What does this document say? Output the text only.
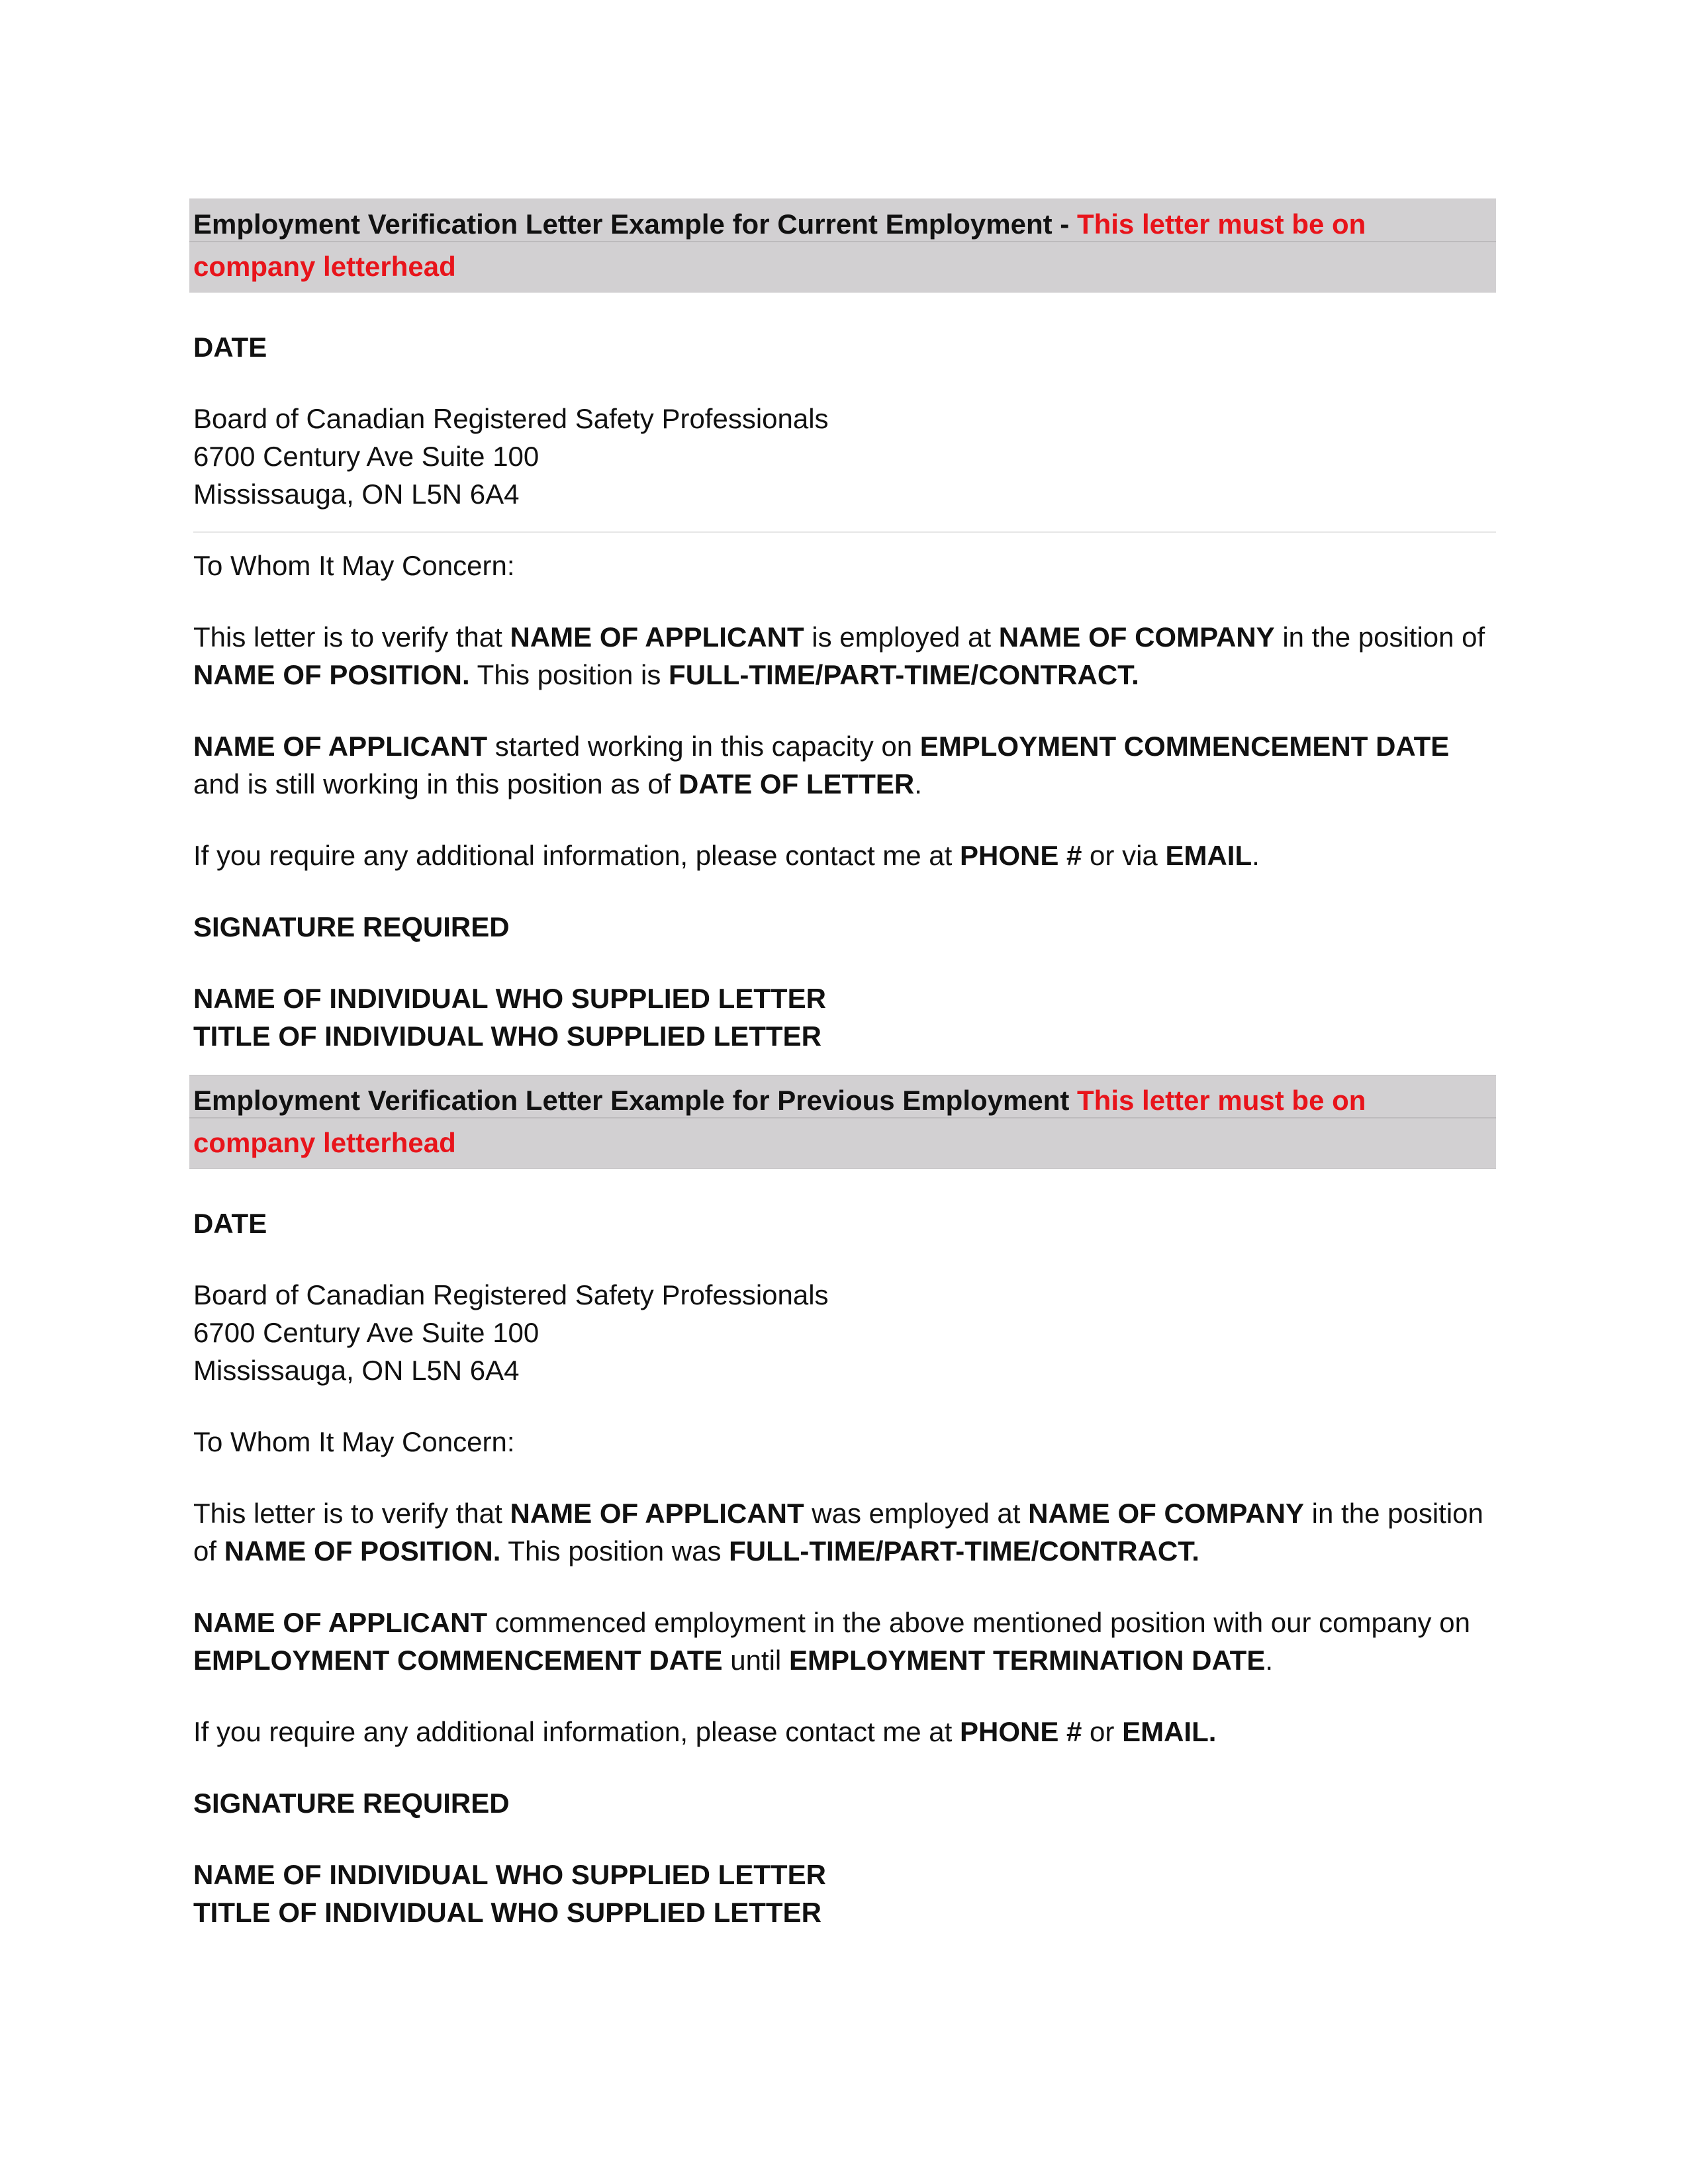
Employment Verification Letter Example for Current Employment - This letter must be on company letterhead

DATE

Board of Canadian Registered Safety Professionals
6700 Century Ave Suite 100
Mississauga, ON L5N 6A4

To Whom It May Concern:

This letter is to verify that NAME OF APPLICANT is employed at NAME OF COMPANY in the position of NAME OF POSITION. This position is FULL-TIME/PART-TIME/CONTRACT.

NAME OF APPLICANT started working in this capacity on EMPLOYMENT COMMENCEMENT DATE and is still working in this position as of DATE OF LETTER.

If you require any additional information, please contact me at PHONE # or via EMAIL.

SIGNATURE REQUIRED

NAME OF INDIVIDUAL WHO SUPPLIED LETTER
TITLE OF INDIVIDUAL WHO SUPPLIED LETTER

Employment Verification Letter Example for Previous Employment This letter must be on company letterhead

DATE

Board of Canadian Registered Safety Professionals
6700 Century Ave Suite 100
Mississauga, ON L5N 6A4

To Whom It May Concern:

This letter is to verify that NAME OF APPLICANT was employed at NAME OF COMPANY in the position of NAME OF POSITION. This position was FULL-TIME/PART-TIME/CONTRACT.

NAME OF APPLICANT commenced employment in the above mentioned position with our company on EMPLOYMENT COMMENCEMENT DATE until EMPLOYMENT TERMINATION DATE.

If you require any additional information, please contact me at PHONE # or EMAIL.

SIGNATURE REQUIRED

NAME OF INDIVIDUAL WHO SUPPLIED LETTER
TITLE OF INDIVIDUAL WHO SUPPLIED LETTER
